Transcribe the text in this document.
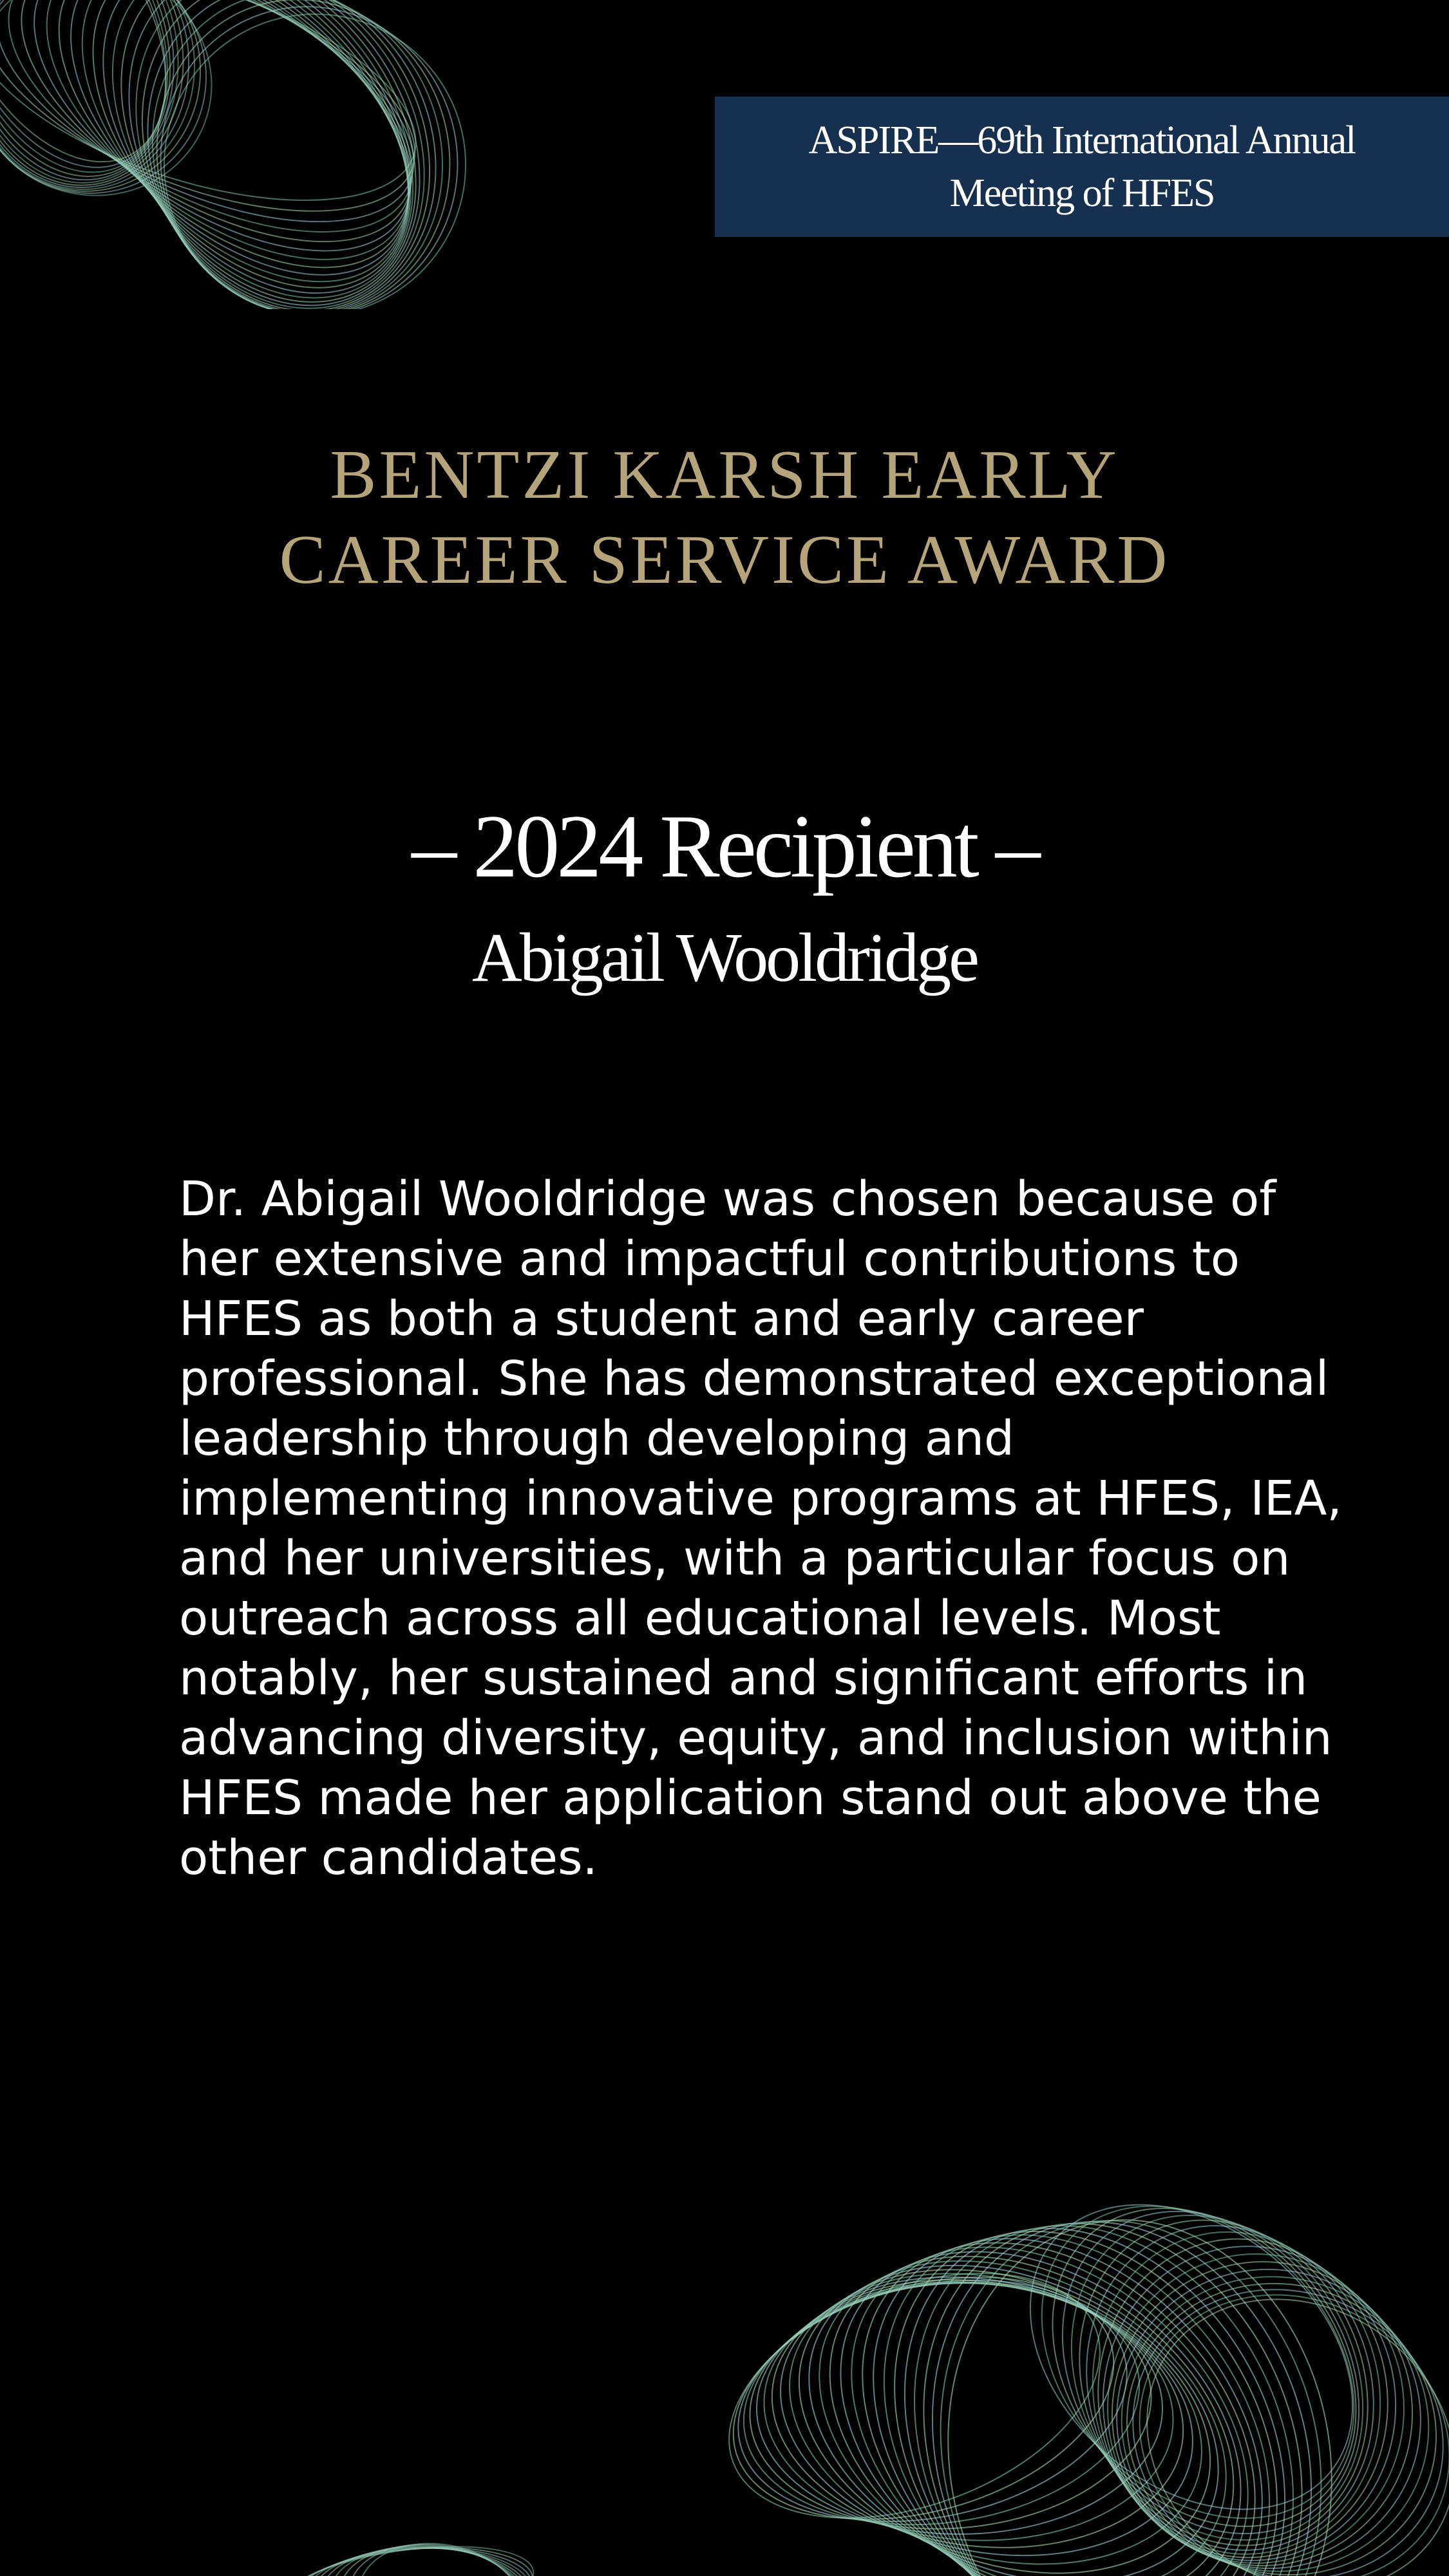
ASPIRE—69th International Annual
Meeting of HFES
BENTZI KARSH EARLY
CAREER SERVICE AWARD
– 2024 Recipient –
Abigail Wooldridge

Dr. Abigail Wooldridge was chosen because of
her extensive and impactful contributions to
HFES as both a student and early career
professional. She has demonstrated exceptional
leadership through developing and
implementing innovative programs at HFES, IEA,
and her universities, with a particular focus on
outreach across all educational levels. Most
notably, her sustained and significant efforts in
advancing diversity, equity, and inclusion within
HFES made her application stand out above the
other candidates.
